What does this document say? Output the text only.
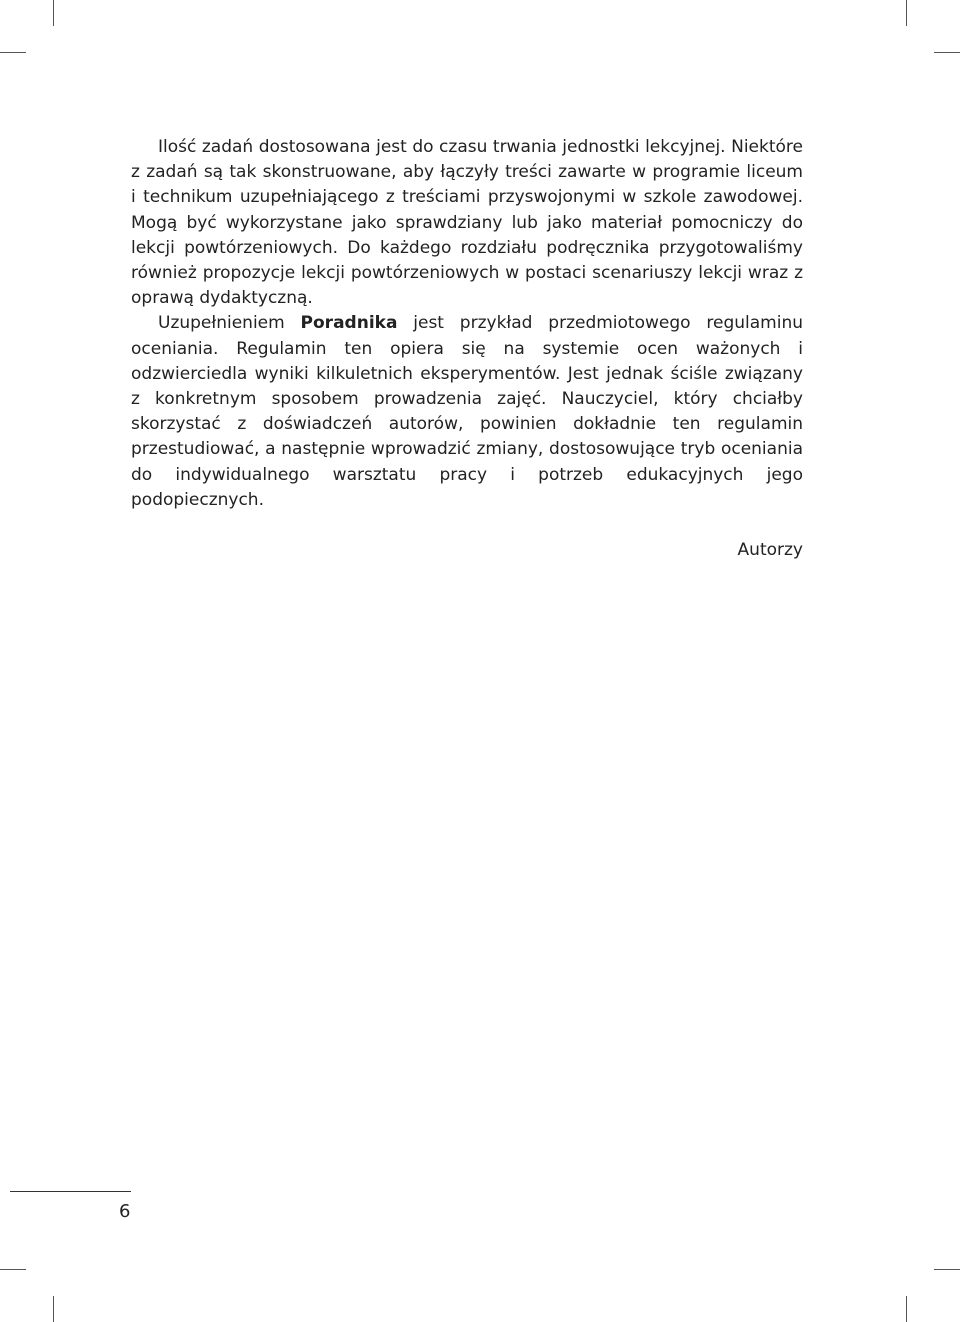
Ilość zadań dostosowana jest do czasu trwania jednostki lekcyjnej. Niektóre z zadań są tak skonstruowane, aby łączyły treści zawarte w programie liceum i technikum uzupełniającego z treściami przyswojonymi w szkole zawodowej. Mogą być wykorzystane jako sprawdziany lub jako materiał pomocniczy do lekcji powtórzeniowych. Do każdego rozdziału podręcznika przygotowaliśmy również propozycje lekcji powtórzeniowych w postaci scenariuszy lekcji wraz z oprawą dydaktyczną.

Uzupełnieniem Poradnika jest przykład przedmiotowego regulaminu oceniania. Regulamin ten opiera się na systemie ocen ważonych i odzwierciedla wyniki kilkuletnich eksperymentów. Jest jednak ściśle związany z konkretnym sposobem prowadzenia zajęć. Nauczyciel, który chciałby skorzystać z doświadczeń autorów, powinien dokładnie ten regulamin przestudiować, a następnie wprowadzić zmiany, dostosowujące tryb oceniania do indywidualnego warsztatu pracy i potrzeb edukacyjnych jego podopiecznych.

Autorzy
6
